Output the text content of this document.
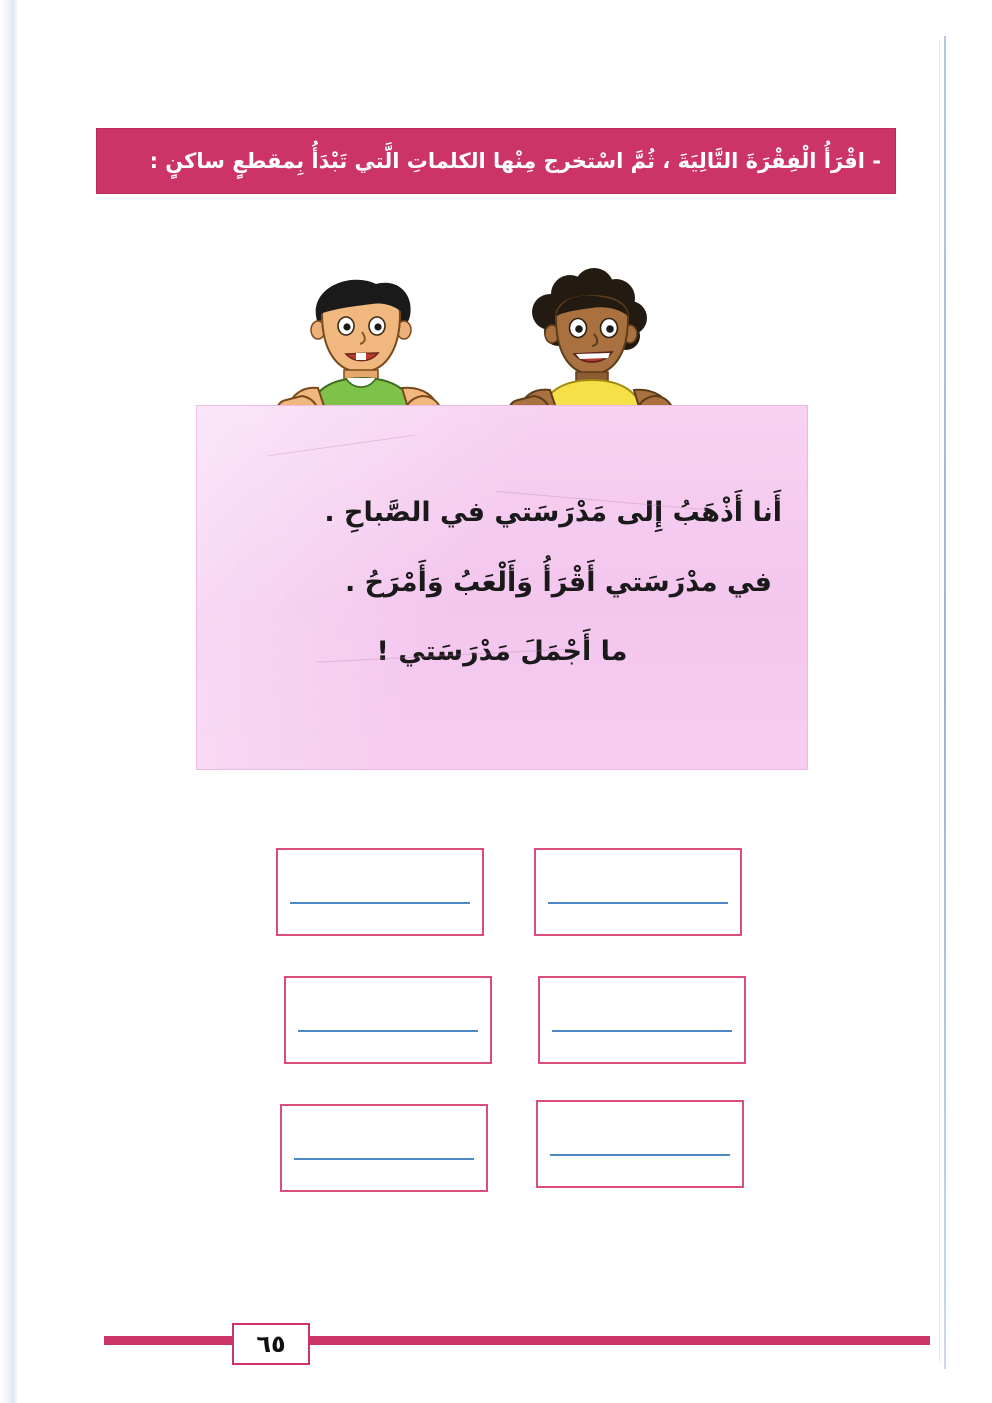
- اقْرَأُ الْفِقْرَةَ التَّالِيَةَ ، ثُمَّ اسْتخرج مِنْها الكلماتِ الَّتي تَبْدَأُ بِمقطعٍ ساكنٍ :
أَنا أَذْهَبُ إِلى مَدْرَسَتي في الصَّباحِ .
في مدْرَسَتي أَقْرَأُ وَأَلْعَبُ وَأَمْرَحُ .
ما أَجْمَلَ مَدْرَسَتي !
٦٥
